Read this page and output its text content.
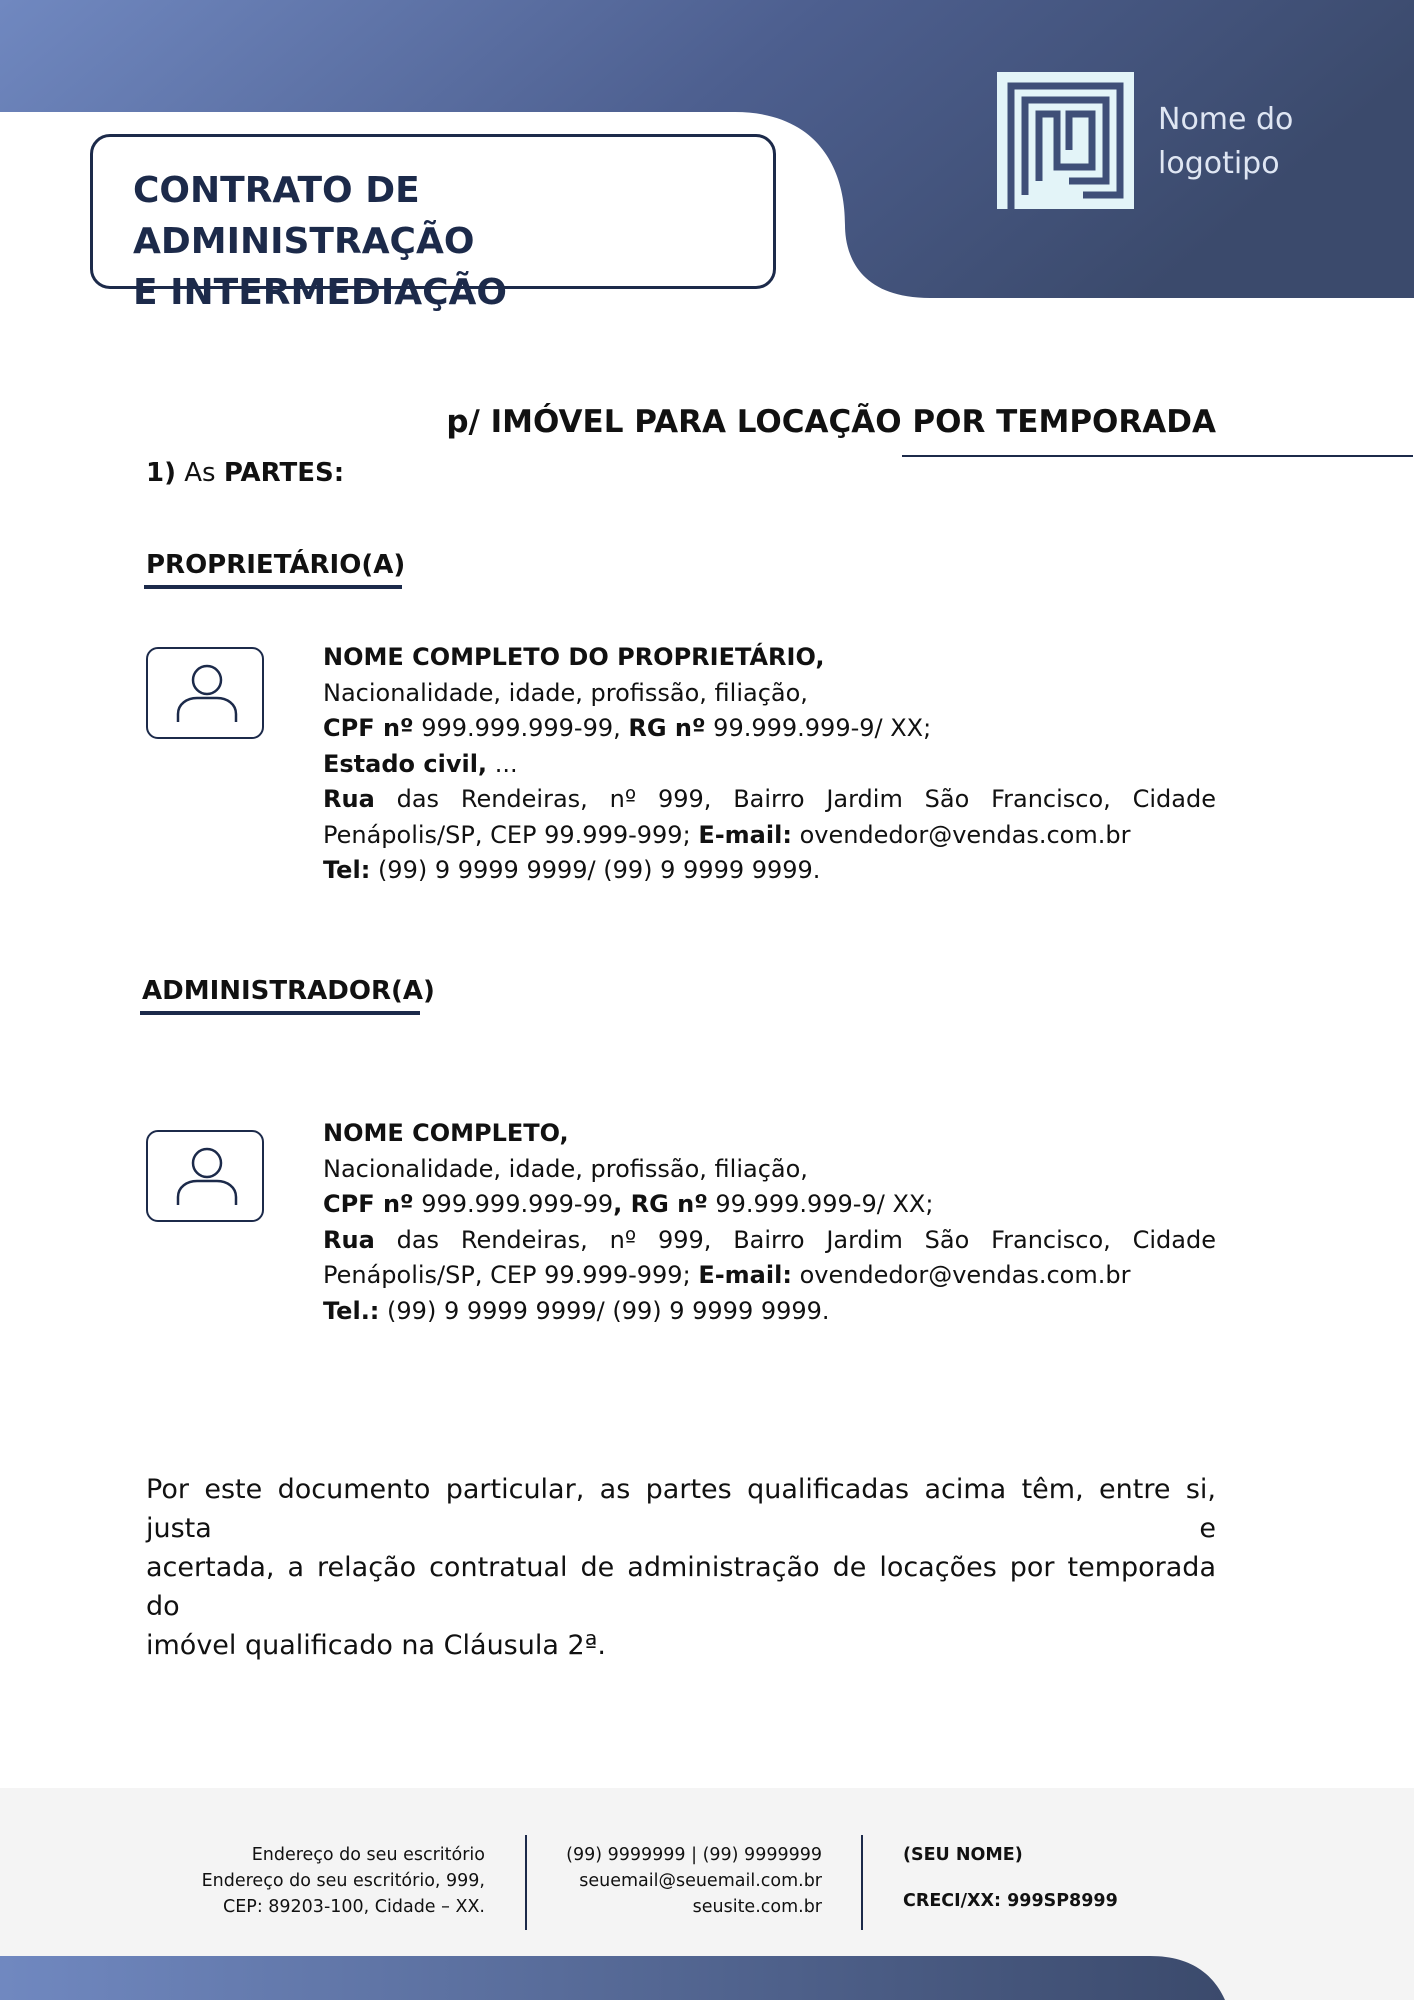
CONTRATO DE ADMINISTRAÇÃO
E INTERMEDIAÇÃO
Nome do
logotipo
p/ IMÓVEL PARA LOCAÇÃO POR TEMPORADA
1) As PARTES:
PROPRIETÁRIO(A)
NOME COMPLETO DO PROPRIETÁRIO,
Nacionalidade, idade, profissão, filiação,
CPF nº 999.999.999-99, RG nº 99.999.999-9/ XX;
Estado civil, ...
Rua das Rendeiras, nº 999, Bairro Jardim São Francisco, Cidade
Penápolis/SP, CEP 99.999-999; E-mail: ovendedor@vendas.com.br
Tel: (99) 9 9999 9999/ (99) 9 9999 9999.
ADMINISTRADOR(A)
NOME COMPLETO,
Nacionalidade, idade, profissão, filiação,
CPF nº 999.999.999-99, RG nº 99.999.999-9/ XX;
Rua das Rendeiras, nº 999, Bairro Jardim São Francisco, Cidade
Penápolis/SP, CEP 99.999-999; E-mail: ovendedor@vendas.com.br
Tel.: (99) 9 9999 9999/ (99) 9 9999 9999.
Por este documento particular, as partes qualificadas acima têm, entre si, justa e
acertada, a relação contratual de administração de locações por temporada do
imóvel qualificado na Cláusula 2ª.
Endereço do seu escritório
Endereço do seu escritório, 999,
CEP: 89203-100, Cidade – XX.
(99) 9999999 | (99) 9999999
seuemail@seuemail.com.br
seusite.com.br
(SEU NOME)
CRECI/XX: 999SP8999
